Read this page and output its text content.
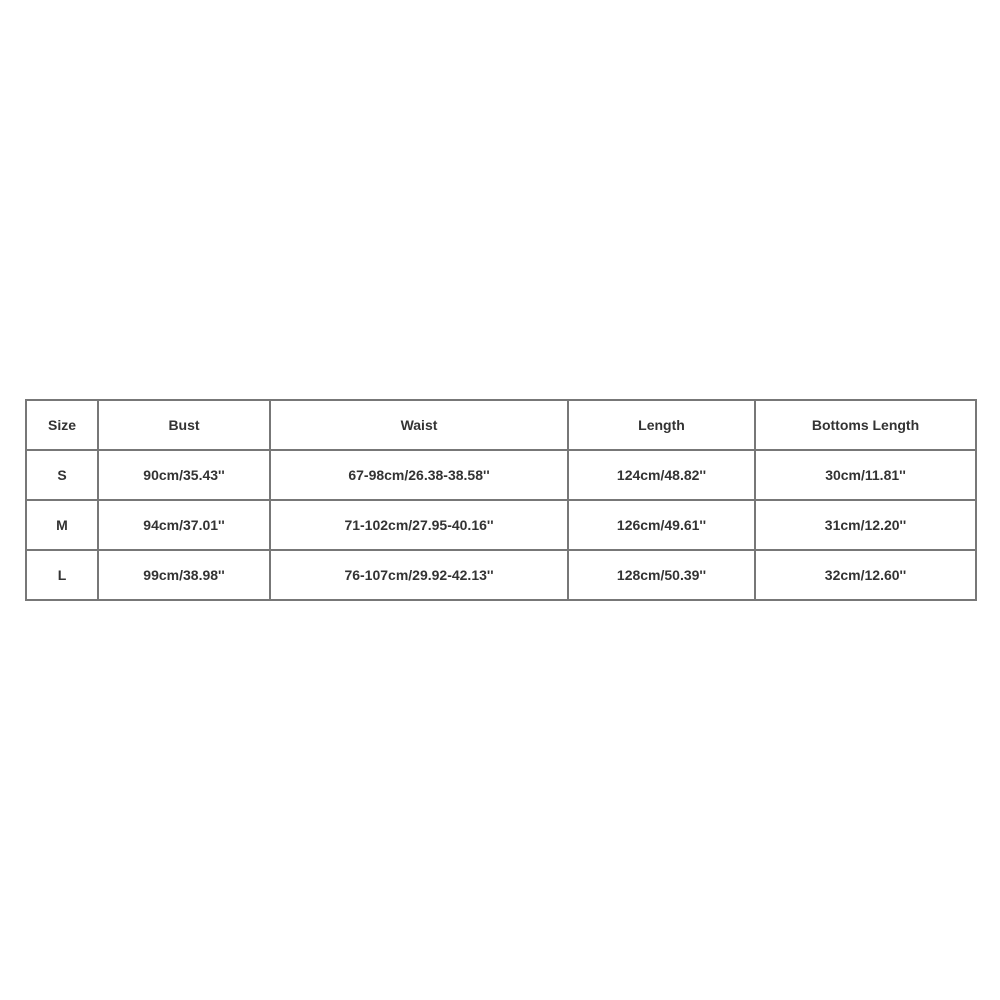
Size	Bust	Waist	Length	Bottoms Length
S	90cm/35.43''	67-98cm/26.38-38.58''	124cm/48.82''	30cm/11.81''
M	94cm/37.01''	71-102cm/27.95-40.16''	126cm/49.61''	31cm/12.20''
L	99cm/38.98''	76-107cm/29.92-42.13''	128cm/50.39''	32cm/12.60''
